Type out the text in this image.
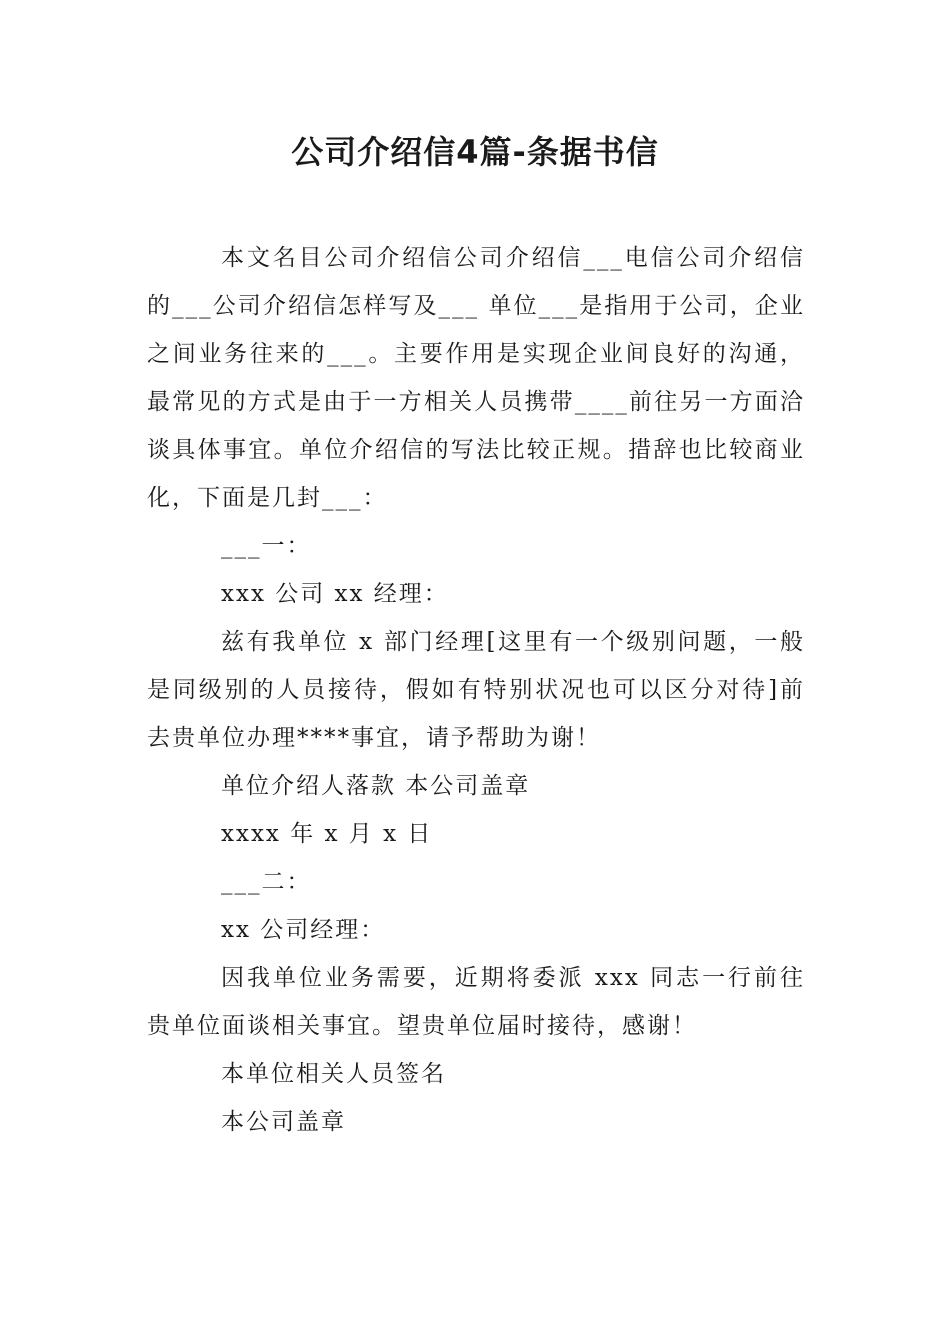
公司介绍信4篇-条据书信

本文名目公司介绍信公司介绍信___电信公司介绍信的___公司介绍信怎样写及___ 单位___是指用于公司，企业之间业务往来的___。主要作用是实现企业间良好的沟通，最常见的方式是由于一方相关人员携带____前往另一方面洽谈具体事宜。单位介绍信的写法比较正规。措辞也比较商业化，下面是几封___：

___一：

xxx 公司 xx 经理：

兹有我单位 x 部门经理[这里有一个级别问题，一般是同级别的人员接待，假如有特别状况也可以区分对待]前去贵单位办理****事宜，请予帮助为谢！

单位介绍人落款 本公司盖章

xxxx 年 x 月 x 日

___二：

xx 公司经理：

因我单位业务需要，近期将委派 xxx 同志一行前往贵单位面谈相关事宜。望贵单位届时接待，感谢！

本单位相关人员签名

本公司盖章
